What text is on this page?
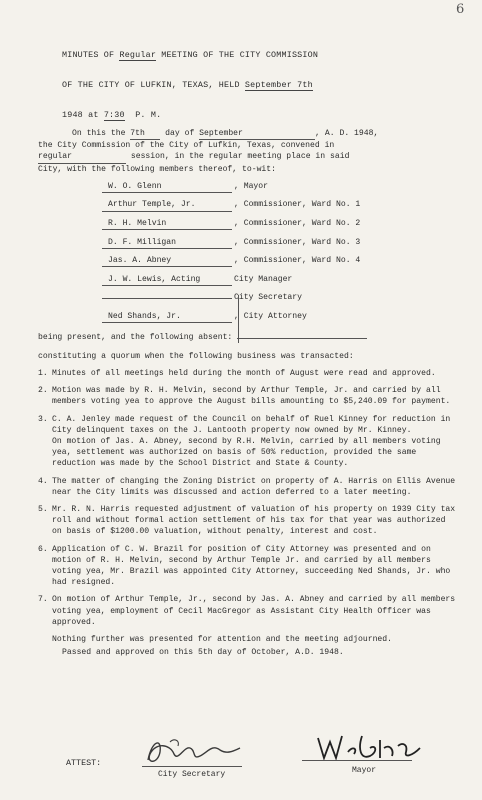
6

MINUTES OF Regular MEETING OF THE CITY COMMISSION

OF THE CITY OF LUFKIN, TEXAS, HELD September 7th

1948 at 7:30 P. M.

On this the 7th	day of September	, A. D. 1948,
the City Commission of the City of Lufkin, Texas, convened in
regular	session, in the regular meeting place in said
City, with the following members thereof, to-wit:
W. O. Glenn	, Mayor
Arthur Temple, Jr.	, Commissioner, Ward No. 1
R. H. Melvin	, Commissioner, Ward No. 2
D. F. Milligan	, Commissioner, Ward No. 3
Jas. A. Abney	, Commissioner, Ward No. 4
J. W. Lewis, Acting	City Manager
City Secretary
Ned Shands, Jr.	, City Attorney
being present, and the following absent:
constituting a quorum when the following business was transacted:
1. Minutes of all meetings held during the month of August were read and approved.
2. Motion was made by R. H. Melvin, second by Arthur Temple, Jr. and carried by all members voting yea to approve the August bills amounting to $5,240.09 for payment.
3. C. A. Jenley made request of the Council on behalf of Ruel Kinney for reduction in City delinquent taxes on the J. Lantooth property now owned by Mr. Kinney.
On motion of Jas. A. Abney, second by R.H. Melvin, carried by all members voting yea, settlement was authorized on basis of 50% reduction, provided the same reduction was made by the School District and State & County.
4. The matter of changing the Zoning District on property of A. Harris on Ellis Avenue near the City limits was discussed and action deferred to a later meeting.
5. Mr. R. N. Harris requested adjustment of valuation of his property on 1939 City tax roll and without formal action settlement of his tax for that year was authorized on basis of $1200.00 valuation, without penalty, interest and cost.
6. Application of C. W. Brazil for position of City Attorney was presented and on motion of R. H. Melvin, second by Arthur Temple Jr. and carried by all members voting yea, Mr. Brazil was appointed City Attorney, succeeding Ned Shands, Jr. who had resigned.
7. On motion of Arthur Temple, Jr., second by Jas. A. Abney and carried by all members voting yea, employment of Cecil MacGregor as Assistant City Health Officer was approved.
Nothing further was presented for attention and the meeting adjourned.
Passed and approved on this 5th day of October, A.D. 1948.
ATTEST:	J.G.Ryals
City Secretary
W.O.Glenn
Mayor
